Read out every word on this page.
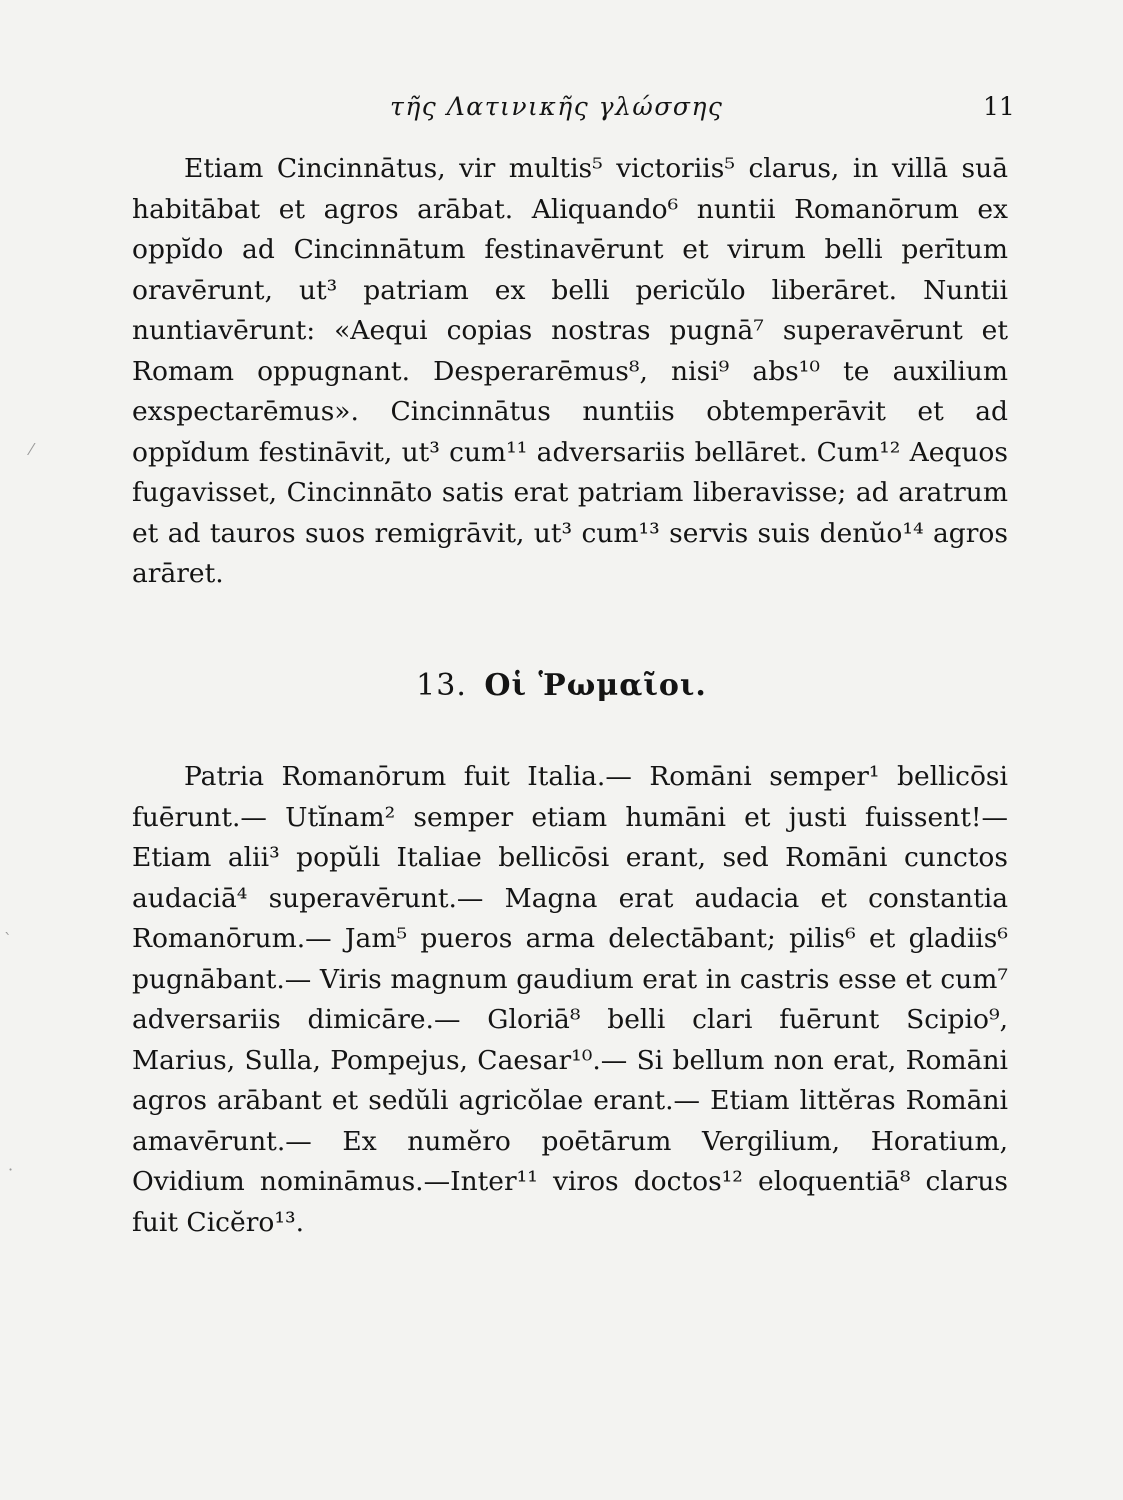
τῆς Λατινικῆς γλώσσης	11

Etiam Cincinnātus, vir multis⁵ victoriis⁵ clarus, in villā suā habitābat et agros arābat. Aliquando⁶ nuntii Romanōrum ex oppĭdo ad Cincinnātum festinavērunt et virum belli perītum oravērunt, ut³ patriam ex belli pericŭlo liberāret. Nuntii nuntiavērunt: «Aequi copias nostras pugnā⁷ superavērunt et Romam oppugnant. Desperarēmus⁸, nisi⁹ abs¹⁰ te auxilium exspectarēmus». Cincinnātus nuntiis obtemperāvit et ad oppĭdum festināvit, ut³ cum¹¹ adversariis bellāret. Cum¹² Aequos fugavisset, Cincinnāto satis erat patriam liberavisse; ad aratrum et ad tauros suos remigrāvit, ut³ cum¹³ servis suis denŭo¹⁴ agros arāret.

13. Οἱ Ῥωμαῖοι.

Patria Romanōrum fuit Italia.— Romāni semper¹ bellicōsi fuērunt.— Utĭnam² semper etiam humāni et justi fuissent!—Etiam alii³ popŭli Italiae bellicōsi erant, sed Romāni cunctos audaciā⁴ superavērunt.— Magna erat audacia et constantia Romanōrum.— Jam⁵ pueros arma delectābant; pilis⁶ et gladiis⁶ pugnābant.— Viris magnum gaudium erat in castris esse et cum⁷ adversariis dimicāre.— Gloriā⁸ belli clari fuērunt Scipio⁹, Marius, Sulla, Pompejus, Caesar¹⁰.— Si bellum non erat, Romāni agros arābant et sedŭli agricŏlae erant.— Etiam littĕras Romāni amavērunt.— Ex numĕro poētārum Vergilium, Horatium, Ovidium nomināmus.—Inter¹¹ viros doctos¹² eloquentiā⁸ clarus fuit Cicĕro¹³.

⁄
ˋ
·
